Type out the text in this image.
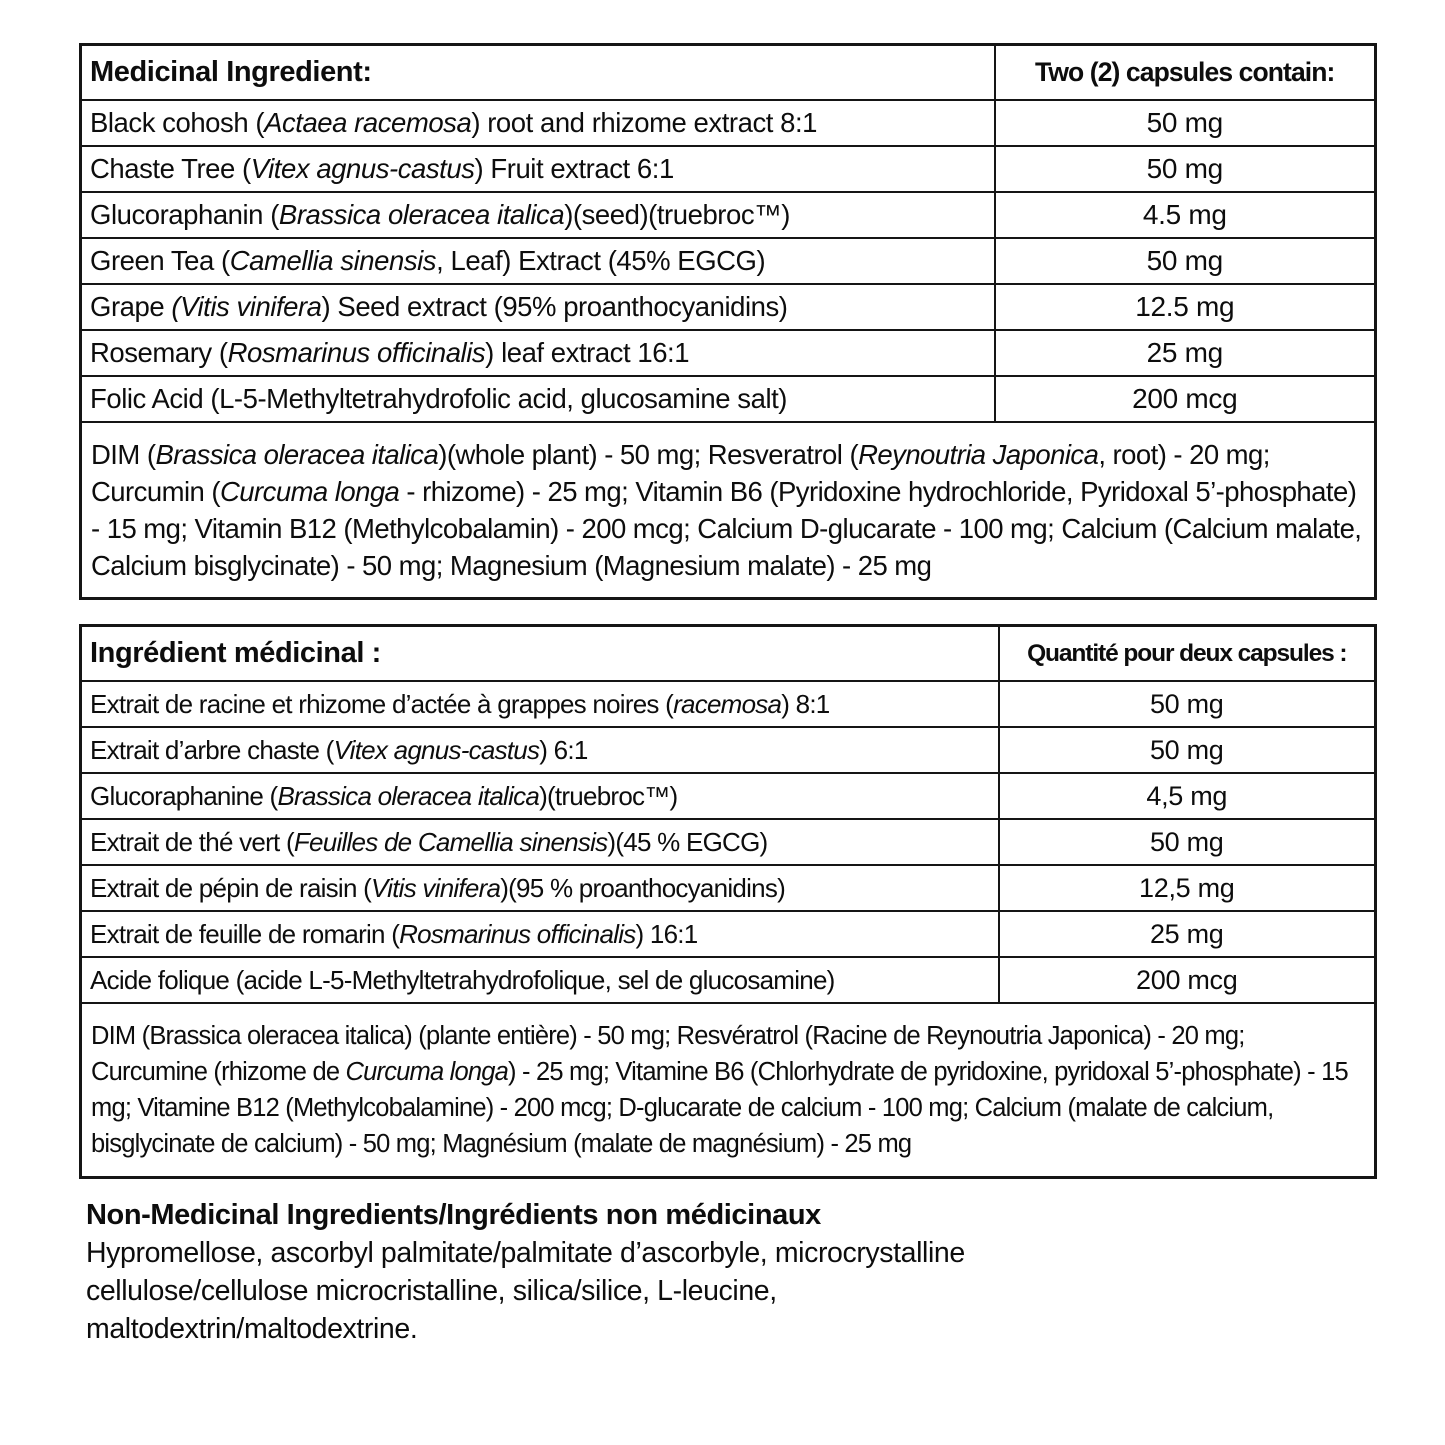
Medicinal Ingredient:	Two (2) capsules contain:
Black cohosh (Actaea racemosa) root and rhizome extract 8:1	50 mg
Chaste Tree (Vitex agnus-castus) Fruit extract 6:1	50 mg
Glucoraphanin (Brassica oleracea italica)(seed)(truebroc™)	4.5 mg
Green Tea (Camellia sinensis, Leaf) Extract (45% EGCG)	50 mg
Grape (Vitis vinifera) Seed extract (95% proanthocyanidins)	12.5 mg
Rosemary (Rosmarinus officinalis) leaf extract 16:1	25 mg
Folic Acid (L-5-Methyltetrahydrofolic acid, glucosamine salt)	200 mcg
DIM (Brassica oleracea italica)(whole plant) - 50 mg; Resveratrol (Reynoutria Japonica, root) - 20 mg; Curcumin (Curcuma longa - rhizome) - 25 mg; Vitamin B6 (Pyridoxine hydrochloride, Pyridoxal 5’-phosphate) - 15 mg; Vitamin B12 (Methylcobalamin) - 200 mcg; Calcium D-glucarate - 100 mg; Calcium (Calcium malate, Calcium bisglycinate) - 50 mg; Magnesium (Magnesium malate) - 25 mg	
Ingrédient médicinal :	Quantité pour deux capsules :
Extrait de racine et rhizome d’actée à grappes noires (racemosa) 8:1	50 mg
Extrait d’arbre chaste (Vitex agnus-castus) 6:1	50 mg
Glucoraphanine (Brassica oleracea italica)(truebroc™)	4,5 mg
Extrait de thé vert (Feuilles de Camellia sinensis)(45 % EGCG)	50 mg
Extrait de pépin de raisin (Vitis vinifera)(95 % proanthocyanidins)	12,5 mg
Extrait de feuille de romarin (Rosmarinus officinalis) 16:1	25 mg
Acide folique (acide L-5-Methyltetrahydrofolique, sel de glucosamine)	200 mcg
DIM (Brassica oleracea italica) (plante entière) - 50 mg; Resvératrol (Racine de Reynoutria Japonica) - 20 mg; Curcumine (rhizome de Curcuma longa) - 25 mg; Vitamine B6 (Chlorhydrate de pyridoxine, pyridoxal 5’-phosphate) - 15 mg; Vitamine B12 (Methylcobalamine) - 200 mcg; D-glucarate de calcium - 100 mg; Calcium (malate de calcium, bisglycinate de calcium) - 50 mg; Magnésium (malate de magnésium) - 25 mg	
Non-Medicinal Ingredients/Ingrédients non médicinaux
Hypromellose, ascorbyl palmitate/palmitate d’ascorbyle, microcrystalline
cellulose/cellulose microcristalline, silica/silice, L-leucine,
maltodextrin/maltodextrine.
